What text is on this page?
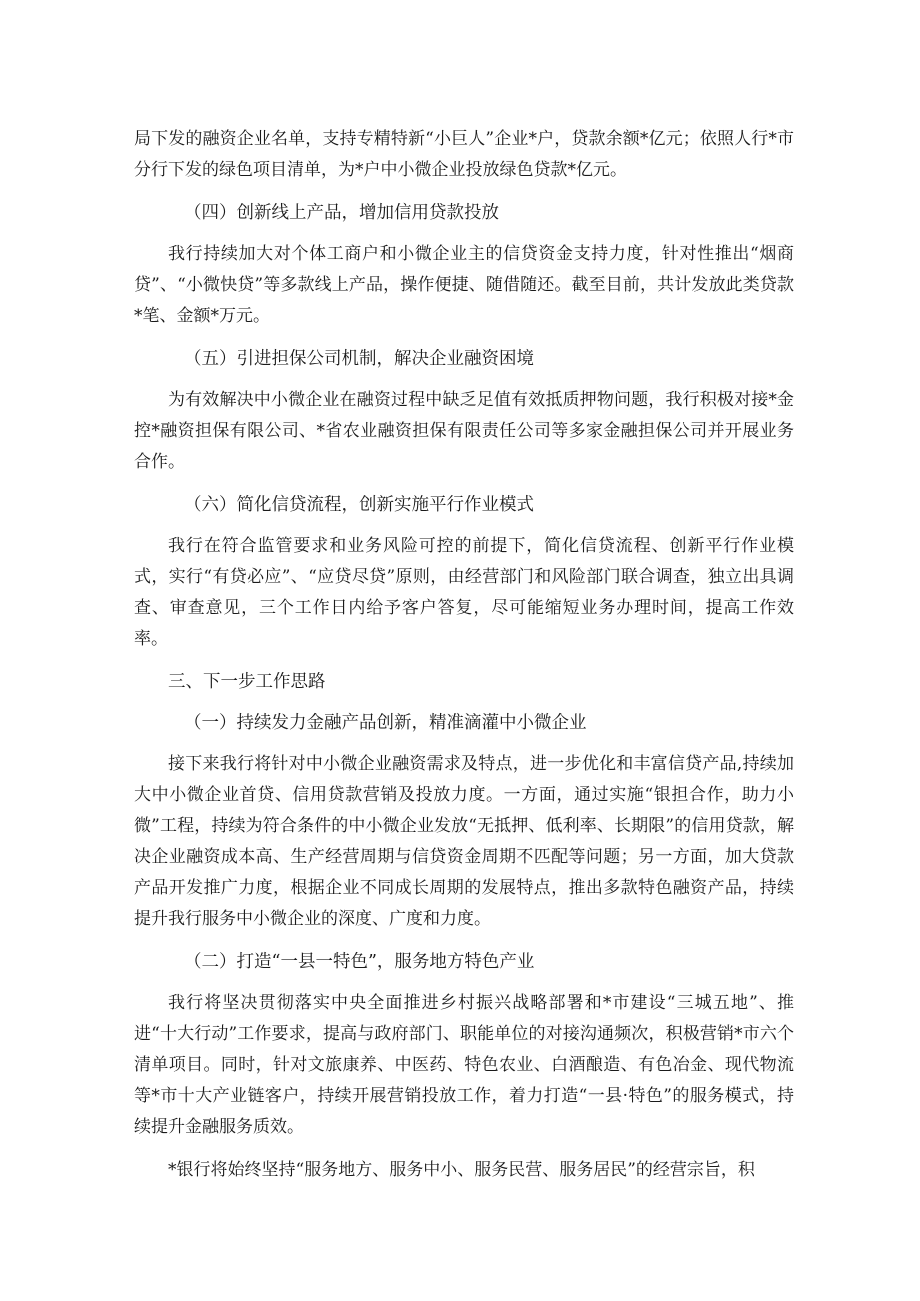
局下发的融资企业名单，支持专精特新“小巨人”企业*户，贷款余额*亿元；依照人行*市分行下发的绿色项目清单，为*户中小微企业投放绿色贷款*亿元。

（四）创新线上产品，增加信用贷款投放

我行持续加大对个体工商户和小微企业主的信贷资金支持力度，针对性推出“烟商贷”、“小微快贷”等多款线上产品，操作便捷、随借随还。截至目前，共计发放此类贷款*笔、金额*万元。

（五）引进担保公司机制，解决企业融资困境

为有效解决中小微企业在融资过程中缺乏足值有效抵质押物问题，我行积极对接*金控*融资担保有限公司、*省农业融资担保有限责任公司等多家金融担保公司并开展业务合作。

（六）简化信贷流程，创新实施平行作业模式

我行在符合监管要求和业务风险可控的前提下，简化信贷流程、创新平行作业模式，实行“有贷必应”、“应贷尽贷”原则，由经营部门和风险部门联合调查，独立出具调查、审查意见，三个工作日内给予客户答复，尽可能缩短业务办理时间，提高工作效率。

三、下一步工作思路

（一）持续发力金融产品创新，精准滴灌中小微企业

接下来我行将针对中小微企业融资需求及特点，进一步优化和丰富信贷产品,持续加大中小微企业首贷、信用贷款营销及投放力度。一方面，通过实施“银担合作，助力小微”工程，持续为符合条件的中小微企业发放“无抵押、低利率、长期限”的信用贷款，解决企业融资成本高、生产经营周期与信贷资金周期不匹配等问题；另一方面，加大贷款产品开发推广力度，根据企业不同成长周期的发展特点，推出多款特色融资产品，持续提升我行服务中小微企业的深度、广度和力度。

（二）打造“一县一特色”，服务地方特色产业

我行将坚决贯彻落实中央全面推进乡村振兴战略部署和*市建设“三城五地”、推进“十大行动”工作要求，提高与政府部门、职能单位的对接沟通频次，积极营销*市六个清单项目。同时，针对文旅康养、中医药、特色农业、白酒酿造、有色冶金、现代物流等*市十大产业链客户，持续开展营销投放工作，着力打造“一县·特色”的服务模式，持续提升金融服务质效。

*银行将始终坚持“服务地方、服务中小、服务民营、服务居民”的经营宗旨，积
